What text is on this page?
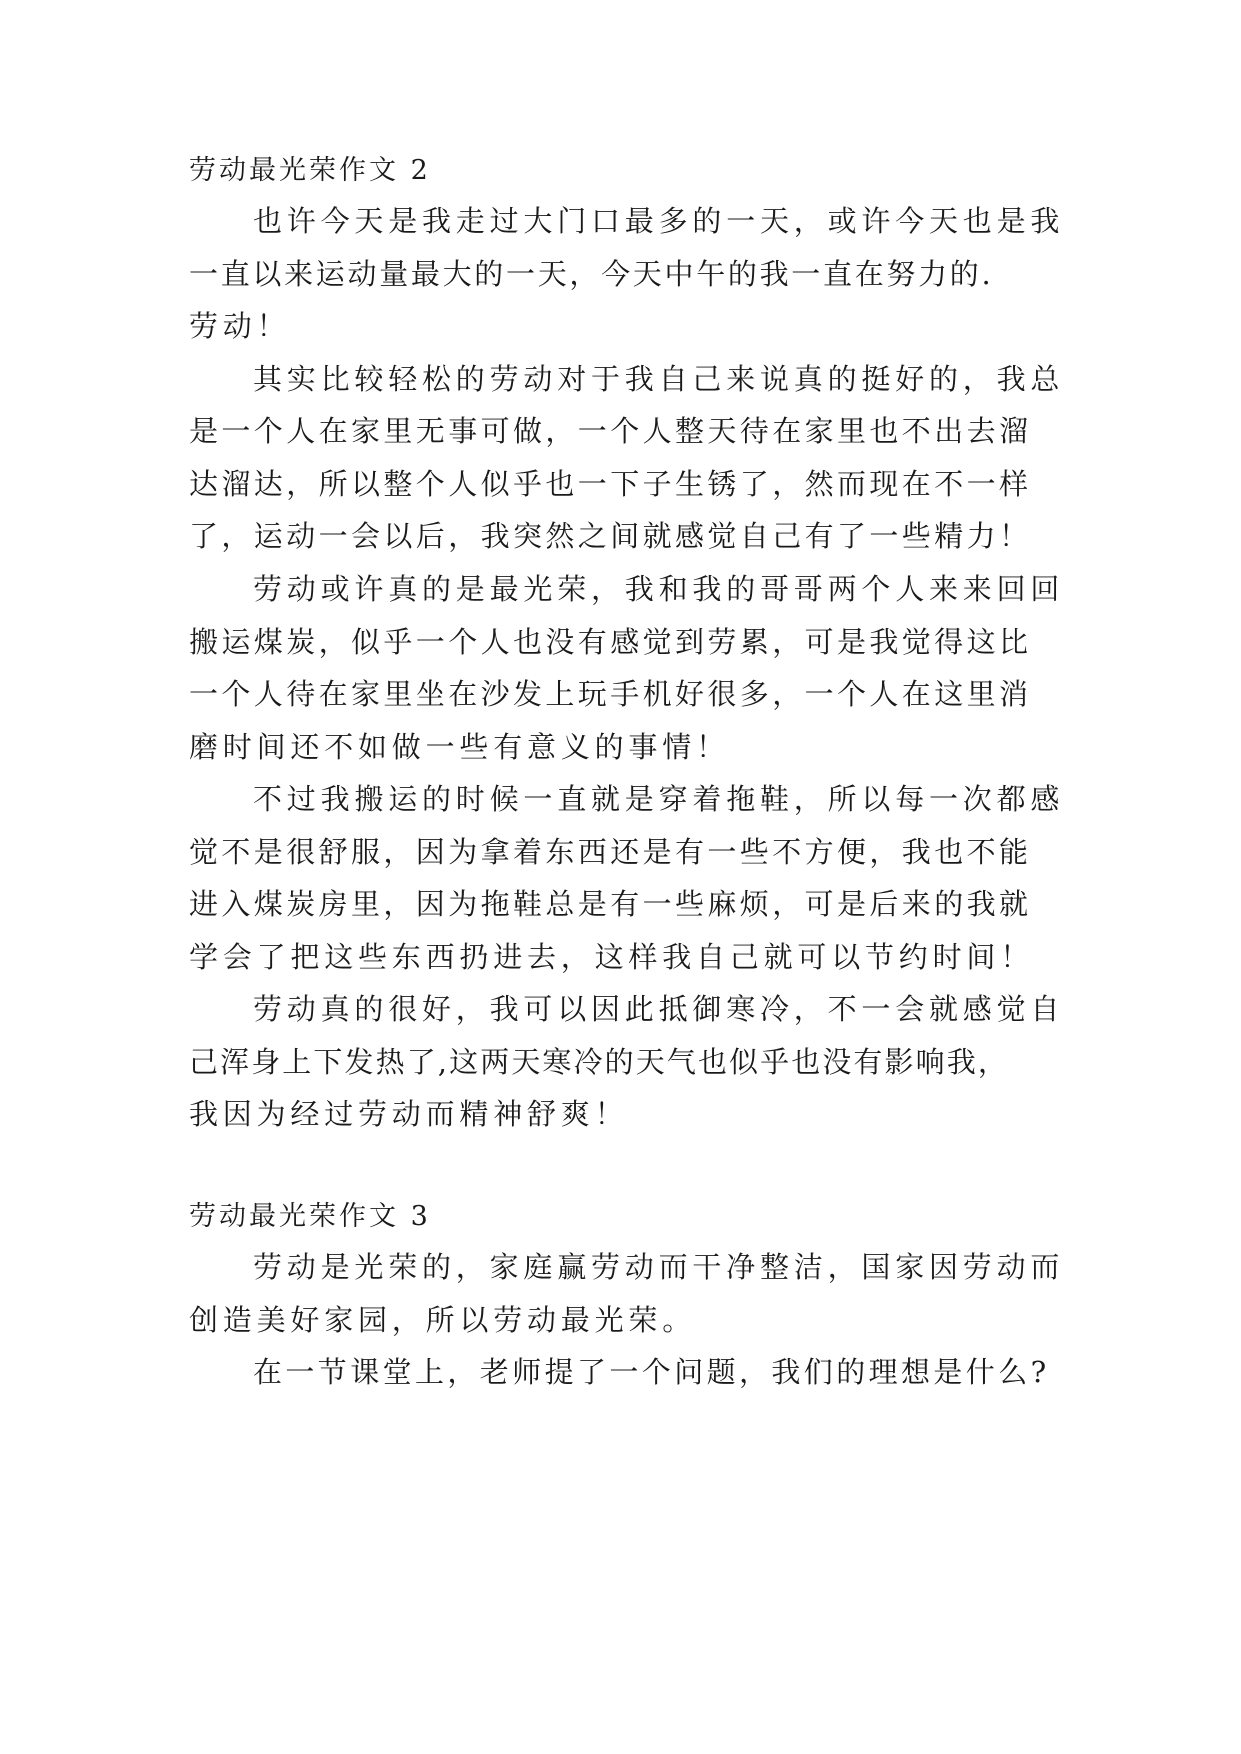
劳动最光荣作文 2
也许今天是我走过大门口最多的一天，或许今天也是我
一直以来运动量最大的一天，今天中午的我一直在努力的.
劳动！
其实比较轻松的劳动对于我自己来说真的挺好的，我总
是一个人在家里无事可做，一个人整天待在家里也不出去溜
达溜达，所以整个人似乎也一下子生锈了，然而现在不一样
了，运动一会以后，我突然之间就感觉自己有了一些精力！
劳动或许真的是最光荣，我和我的哥哥两个人来来回回
搬运煤炭，似乎一个人也没有感觉到劳累，可是我觉得这比
一个人待在家里坐在沙发上玩手机好很多，一个人在这里消
磨时间还不如做一些有意义的事情！
不过我搬运的时候一直就是穿着拖鞋，所以每一次都感
觉不是很舒服，因为拿着东西还是有一些不方便，我也不能
进入煤炭房里，因为拖鞋总是有一些麻烦，可是后来的我就
学会了把这些东西扔进去，这样我自己就可以节约时间！
劳动真的很好，我可以因此抵御寒冷，不一会就感觉自
己浑身上下发热了,这两天寒冷的天气也似乎也没有影响我，
我因为经过劳动而精神舒爽！
劳动最光荣作文 3
劳动是光荣的，家庭赢劳动而干净整洁，国家因劳动而
创造美好家园，所以劳动最光荣。
在一节课堂上，老师提了一个问题，我们的理想是什么?
